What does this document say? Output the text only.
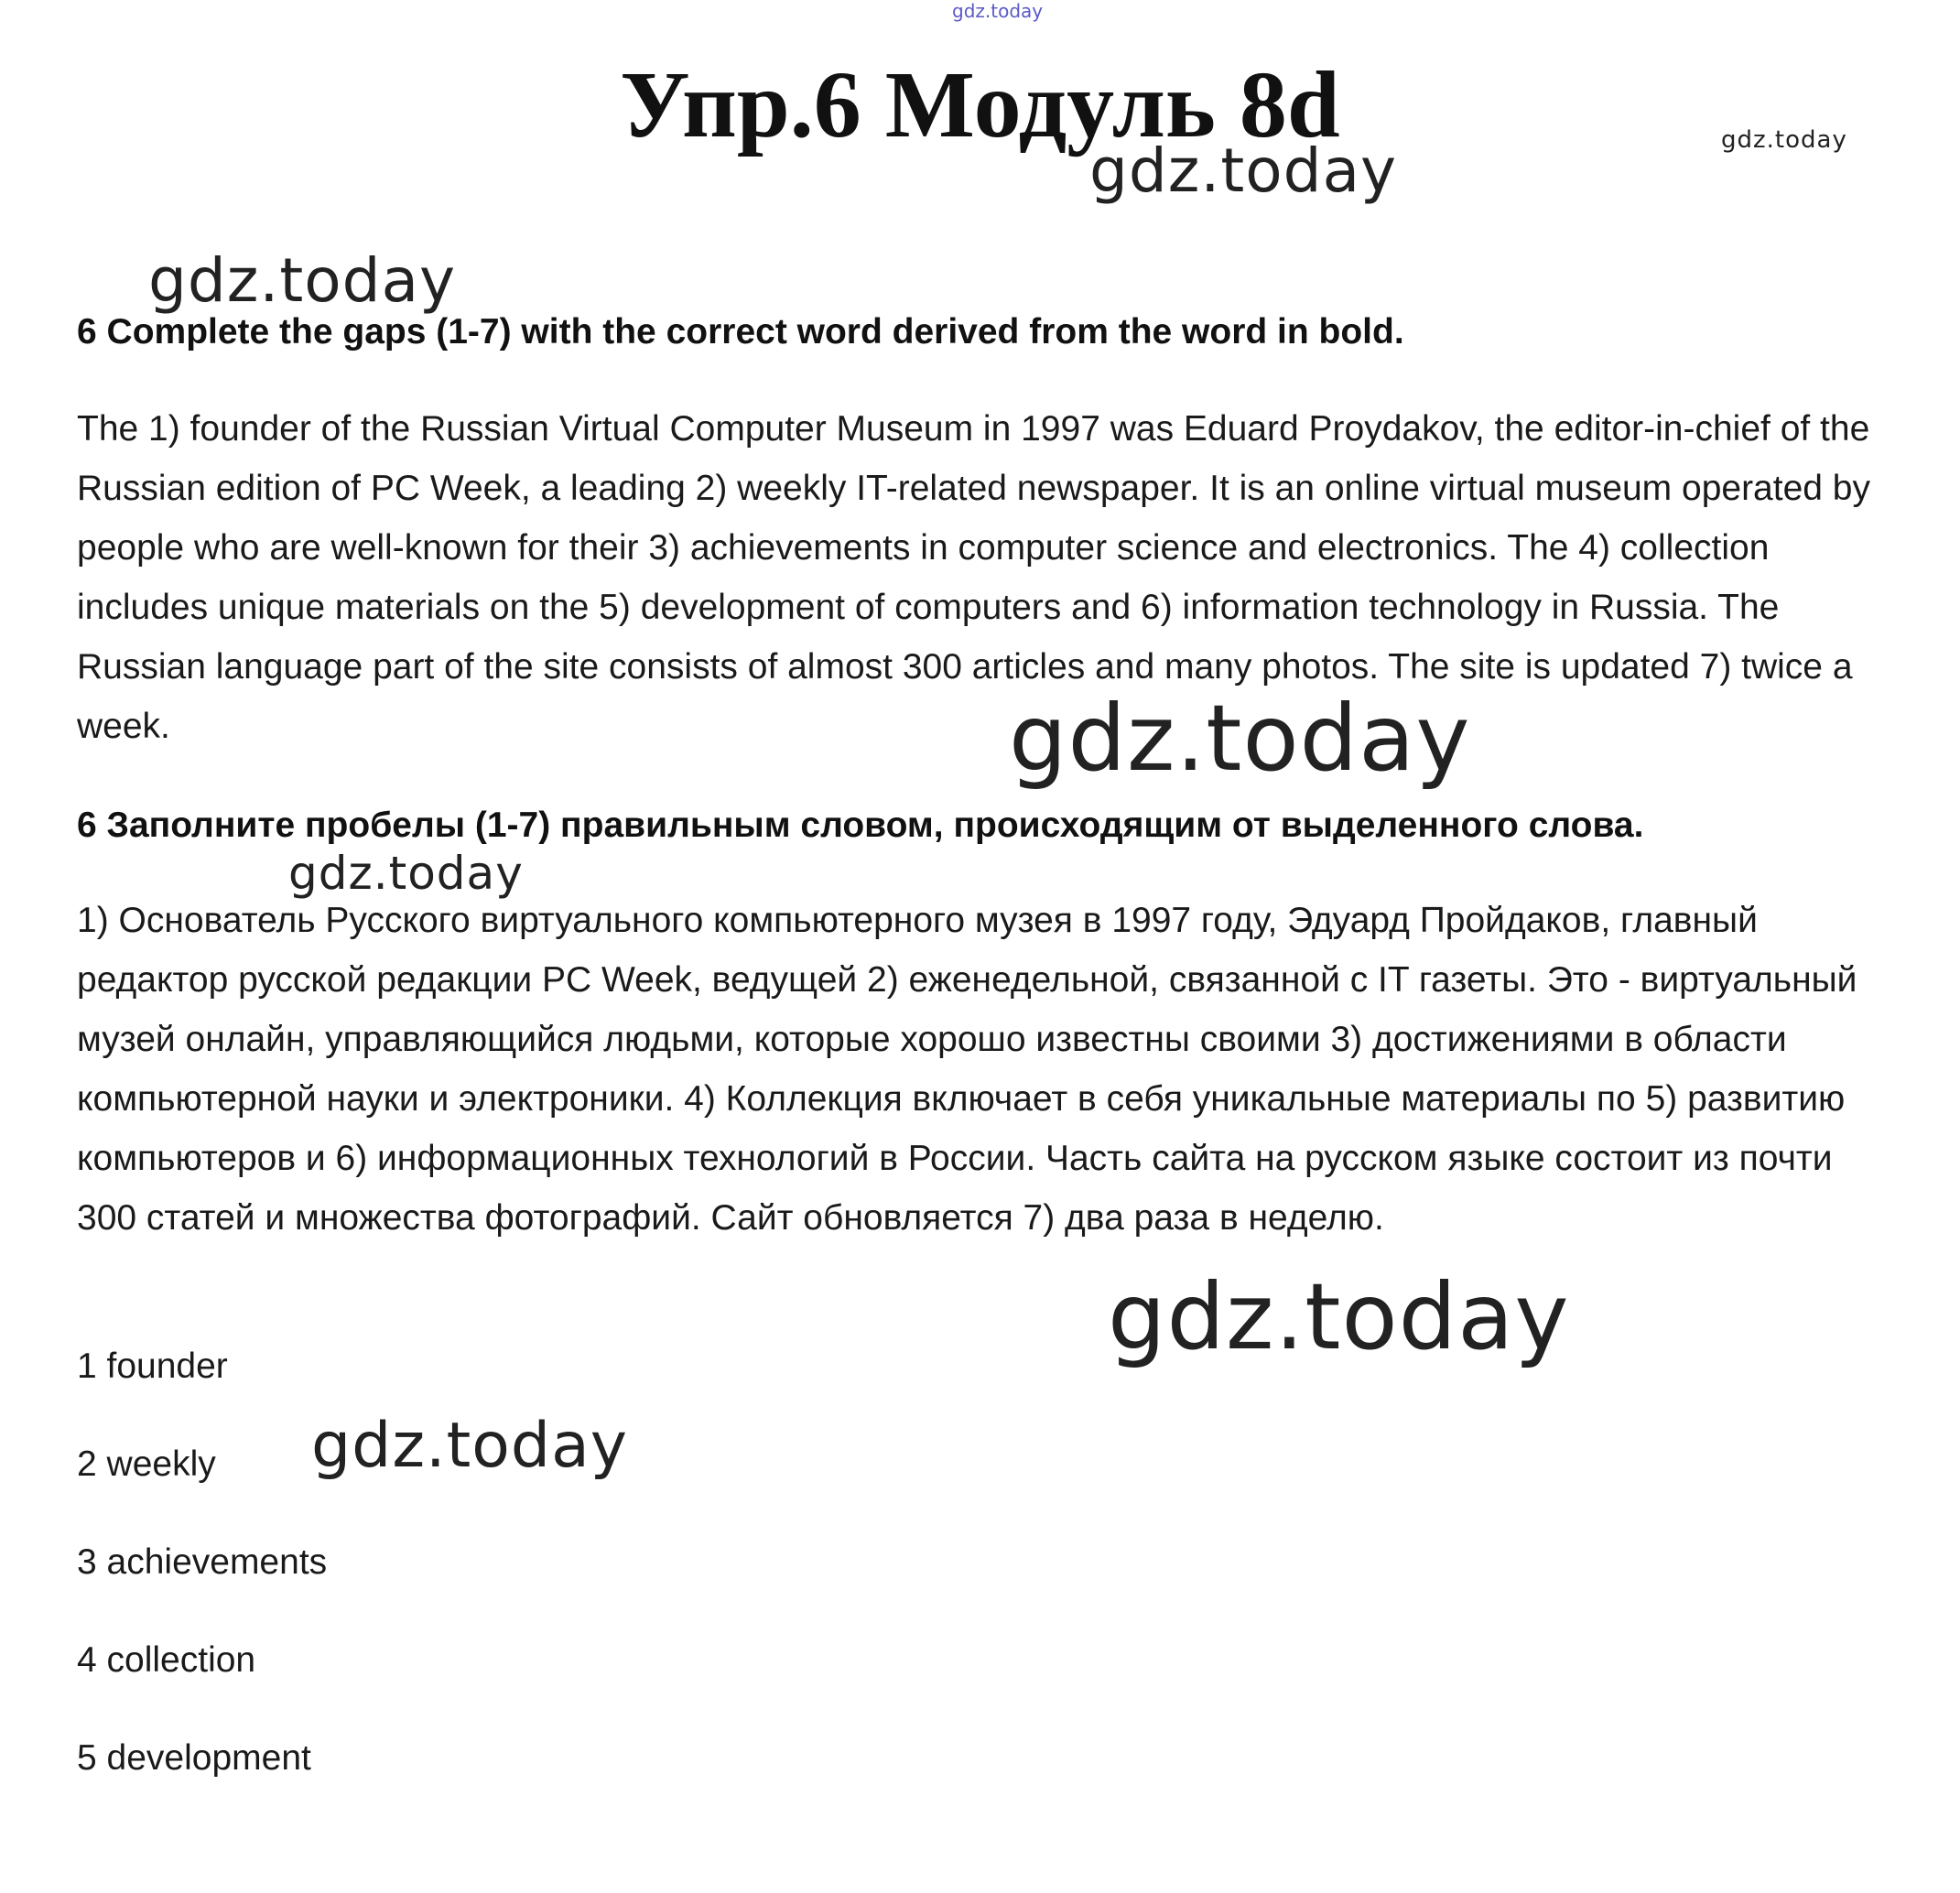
gdz.today
gdz.today	gdz.today
gdz.today
gdz.today
gdz.today
gdz.today
gdz.today
Упр.6 Модуль 8d

6 Complete the gaps (1-7) with the correct word derived from the word in bold.

The 1) founder of the Russian Virtual Computer Museum in 1997 was Eduard Proydakov, the editor-in-chief of the Russian edition of PC Week, a leading 2) weekly IT-related newspaper. It is an online virtual museum operated by people who are well-known for their 3) achievements in computer science and electronics. The 4) collection includes unique materials on the 5) development of computers and 6) information technology in Russia. The Russian language part of the site consists of almost 300 articles and many photos. The site is updated 7) twice a week.

6 Заполните пробелы (1-7) правильным словом, происходящим от выделенного слова.

1) Основатель Русского виртуального компьютерного музея в 1997 году, Эдуард Пройдаков, главный редактор русской редакции PC Week, ведущей 2) еженедельной, связанной с IT газеты. Это - виртуальный музей онлайн, управляющийся людьми, которые хорошо известны своими 3) достижениями в области компьютерной науки и электроники. 4) Коллекция включает в себя уникальные материалы по 5) развитию компьютеров и 6) информационных технологий в России. Часть сайта на русском языке состоит из почти 300 статей и множества фотографий. Сайт обновляется 7) два раза в неделю.

1 founder
2 weekly
3 achievements
4 collection
5 development
